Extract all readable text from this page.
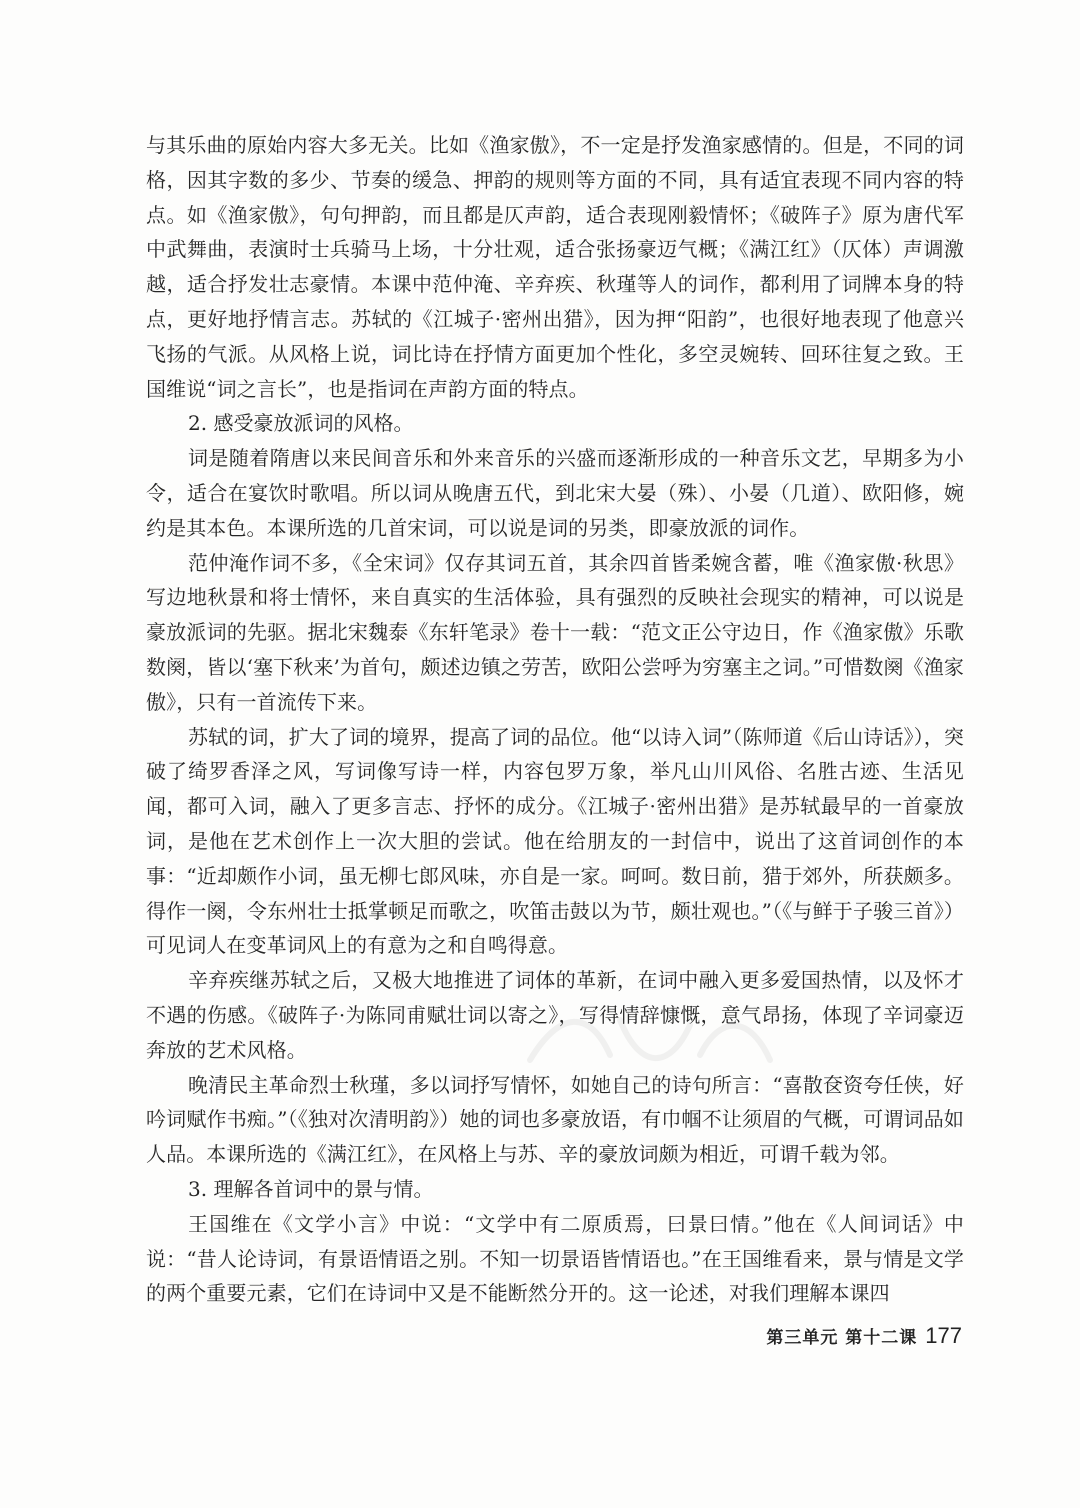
与其乐曲的原始内容大多无关。比如《渔家傲》，不一定是抒发渔家感情的。但是，不同的词格，因其字数的多少、节奏的缓急、押韵的规则等方面的不同，具有适宜表现不同内容的特点。如《渔家傲》，句句押韵，而且都是仄声韵，适合表现刚毅情怀；《破阵子》原为唐代军中武舞曲，表演时士兵骑马上场，十分壮观，适合张扬豪迈气概；《满江红》（仄体）声调激越，适合抒发壮志豪情。本课中范仲淹、辛弃疾、秋瑾等人的词作，都利用了词牌本身的特点，更好地抒情言志。苏轼的《江城子·密州出猎》，因为押“阳韵”，也很好地表现了他意兴飞扬的气派。从风格上说，词比诗在抒情方面更加个性化，多空灵婉转、回环往复之致。王国维说“词之言长”，也是指词在声韵方面的特点。

2. 感受豪放派词的风格。

词是随着隋唐以来民间音乐和外来音乐的兴盛而逐渐形成的一种音乐文艺，早期多为小令，适合在宴饮时歌唱。所以词从晚唐五代，到北宋大晏（殊）、小晏（几道）、欧阳修，婉约是其本色。本课所选的几首宋词，可以说是词的另类，即豪放派的词作。

范仲淹作词不多，《全宋词》仅存其词五首，其余四首皆柔婉含蓄，唯《渔家傲·秋思》写边地秋景和将士情怀，来自真实的生活体验，具有强烈的反映社会现实的精神，可以说是豪放派词的先驱。据北宋魏泰《东轩笔录》卷十一载：“范文正公守边日，作《渔家傲》乐歌数阕，皆以‘塞下秋来’为首句，颇述边镇之劳苦，欧阳公尝呼为穷塞主之词。”可惜数阕《渔家傲》，只有一首流传下来。

苏轼的词，扩大了词的境界，提高了词的品位。他“以诗入词”（陈师道《后山诗话》），突破了绮罗香泽之风，写词像写诗一样，内容包罗万象，举凡山川风俗、名胜古迹、生活见闻，都可入词，融入了更多言志、抒怀的成分。《江城子·密州出猎》是苏轼最早的一首豪放词，是他在艺术创作上一次大胆的尝试。他在给朋友的一封信中，说出了这首词创作的本事：“近却颇作小词，虽无柳七郎风味，亦自是一家。呵呵。数日前，猎于郊外，所获颇多。得作一阕，令东州壮士抵掌顿足而歌之，吹笛击鼓以为节，颇壮观也。”（《与鲜于子骏三首》）可见词人在变革词风上的有意为之和自鸣得意。

辛弃疾继苏轼之后，又极大地推进了词体的革新，在词中融入更多爱国热情，以及怀才不遇的伤感。《破阵子·为陈同甫赋壮词以寄之》，写得情辞慷慨，意气昂扬，体现了辛词豪迈奔放的艺术风格。

晚清民主革命烈士秋瑾，多以词抒写情怀，如她自己的诗句所言：“喜散奁资夸任侠，好吟词赋作书痴。”（《独对次清明韵》）她的词也多豪放语，有巾帼不让须眉的气概，可谓词品如人品。本课所选的《满江红》，在风格上与苏、辛的豪放词颇为相近，可谓千载为邻。

3. 理解各首词中的景与情。

王国维在《文学小言》中说：“文学中有二原质焉，曰景曰情。”他在《人间词话》中说：“昔人论诗词，有景语情语之别。不知一切景语皆情语也。”在王国维看来，景与情是文学的两个重要元素，它们在诗词中又是不能断然分开的。这一论述，对我们理解本课四

第三单元 第十二课 177
